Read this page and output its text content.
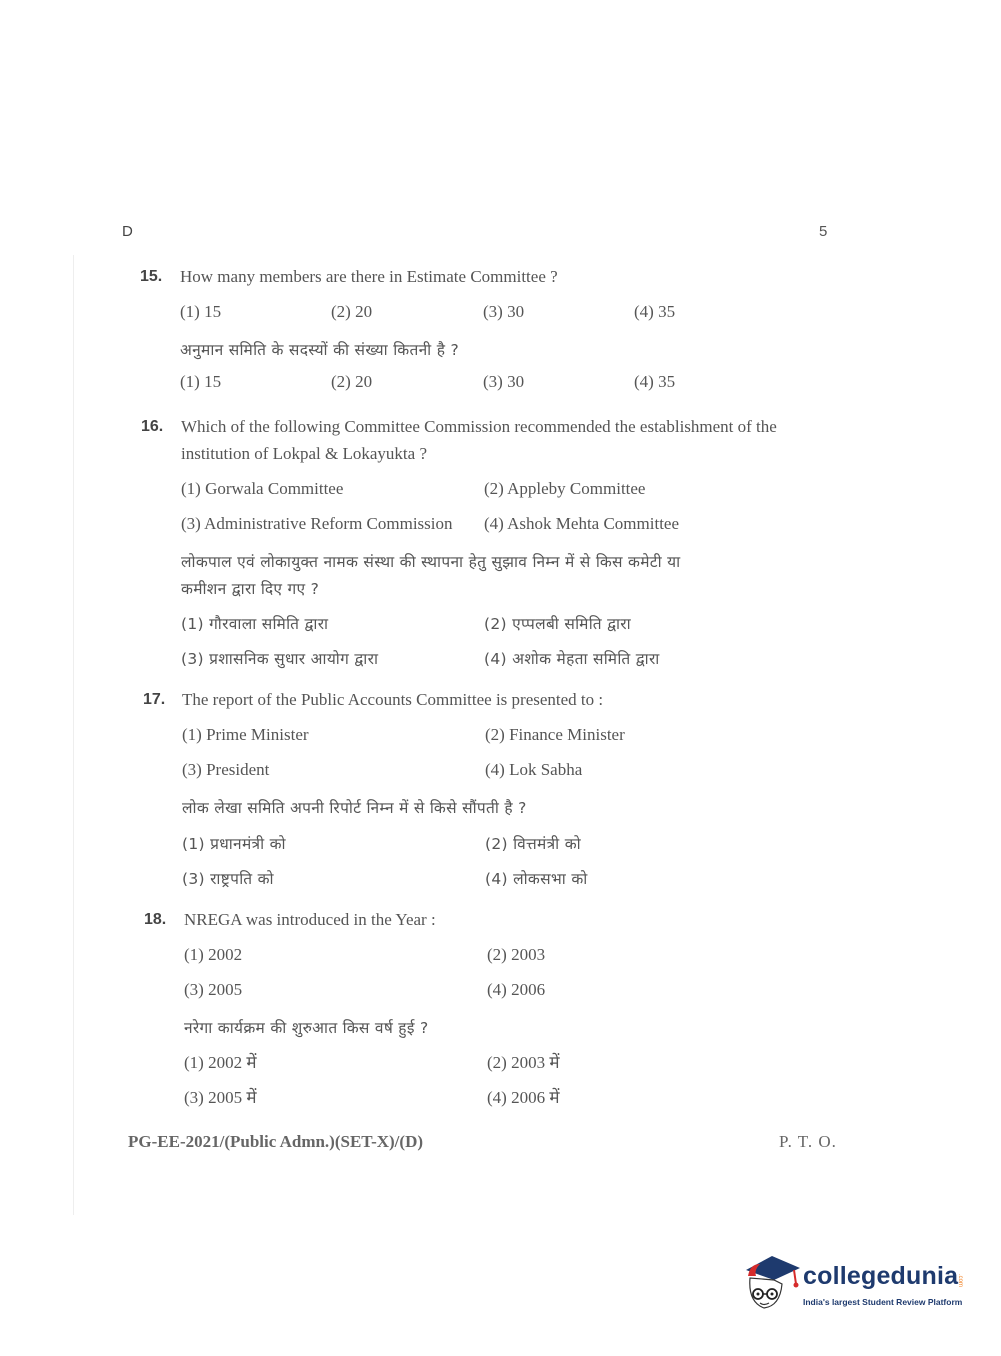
D	5
15. How many members are there in Estimate Committee ?
(1) 15	(2) 20	(3) 30	(4) 35
अनुमान समिति के सदस्यों की संख्या कितनी है ?
(1) 15	(2) 20	(3) 30	(4) 35
16. Which of the following Committee Commission recommended the establishment of the
institution of Lokpal & Lokayukta ?
(1) Gorwala Committee	(2) Appleby Committee
(3) Administrative Reform Commission (4) Ashok Mehta Committee
लोकपाल एवं लोकायुक्त नामक संस्था की स्थापना हेतु सुझाव निम्न में से किस कमेटी या
कमीशन द्वारा दिए गए ?
(1) गौरवाला समिति द्वारा	(2) एप्पलबी समिति द्वारा
(3) प्रशासनिक सुधार आयोग द्वारा	(4) अशोक मेहता समिति द्वारा
17. The report of the Public Accounts Committee is presented to :
(1) Prime Minister	(2) Finance Minister
(3) President	(4) Lok Sabha
लोक लेखा समिति अपनी रिपोर्ट निम्न में से किसे सौंपती है ?
(1) प्रधानमंत्री को	(2) वित्तमंत्री को
(3) राष्ट्रपति को	(4) लोकसभा को
18. NREGA was introduced in the Year :
(1) 2002	(2) 2003
(3) 2005	(4) 2006
नरेगा कार्यक्रम की शुरुआत किस वर्ष हुई ?
(1) 2002 में	(2) 2003 में
(3) 2005 में	(4) 2006 में
PG-EE-2021/(Public Admn.)(SET-X)/(D)	P. T. O.
collegedunia
.com
India's largest Student Review Platform
